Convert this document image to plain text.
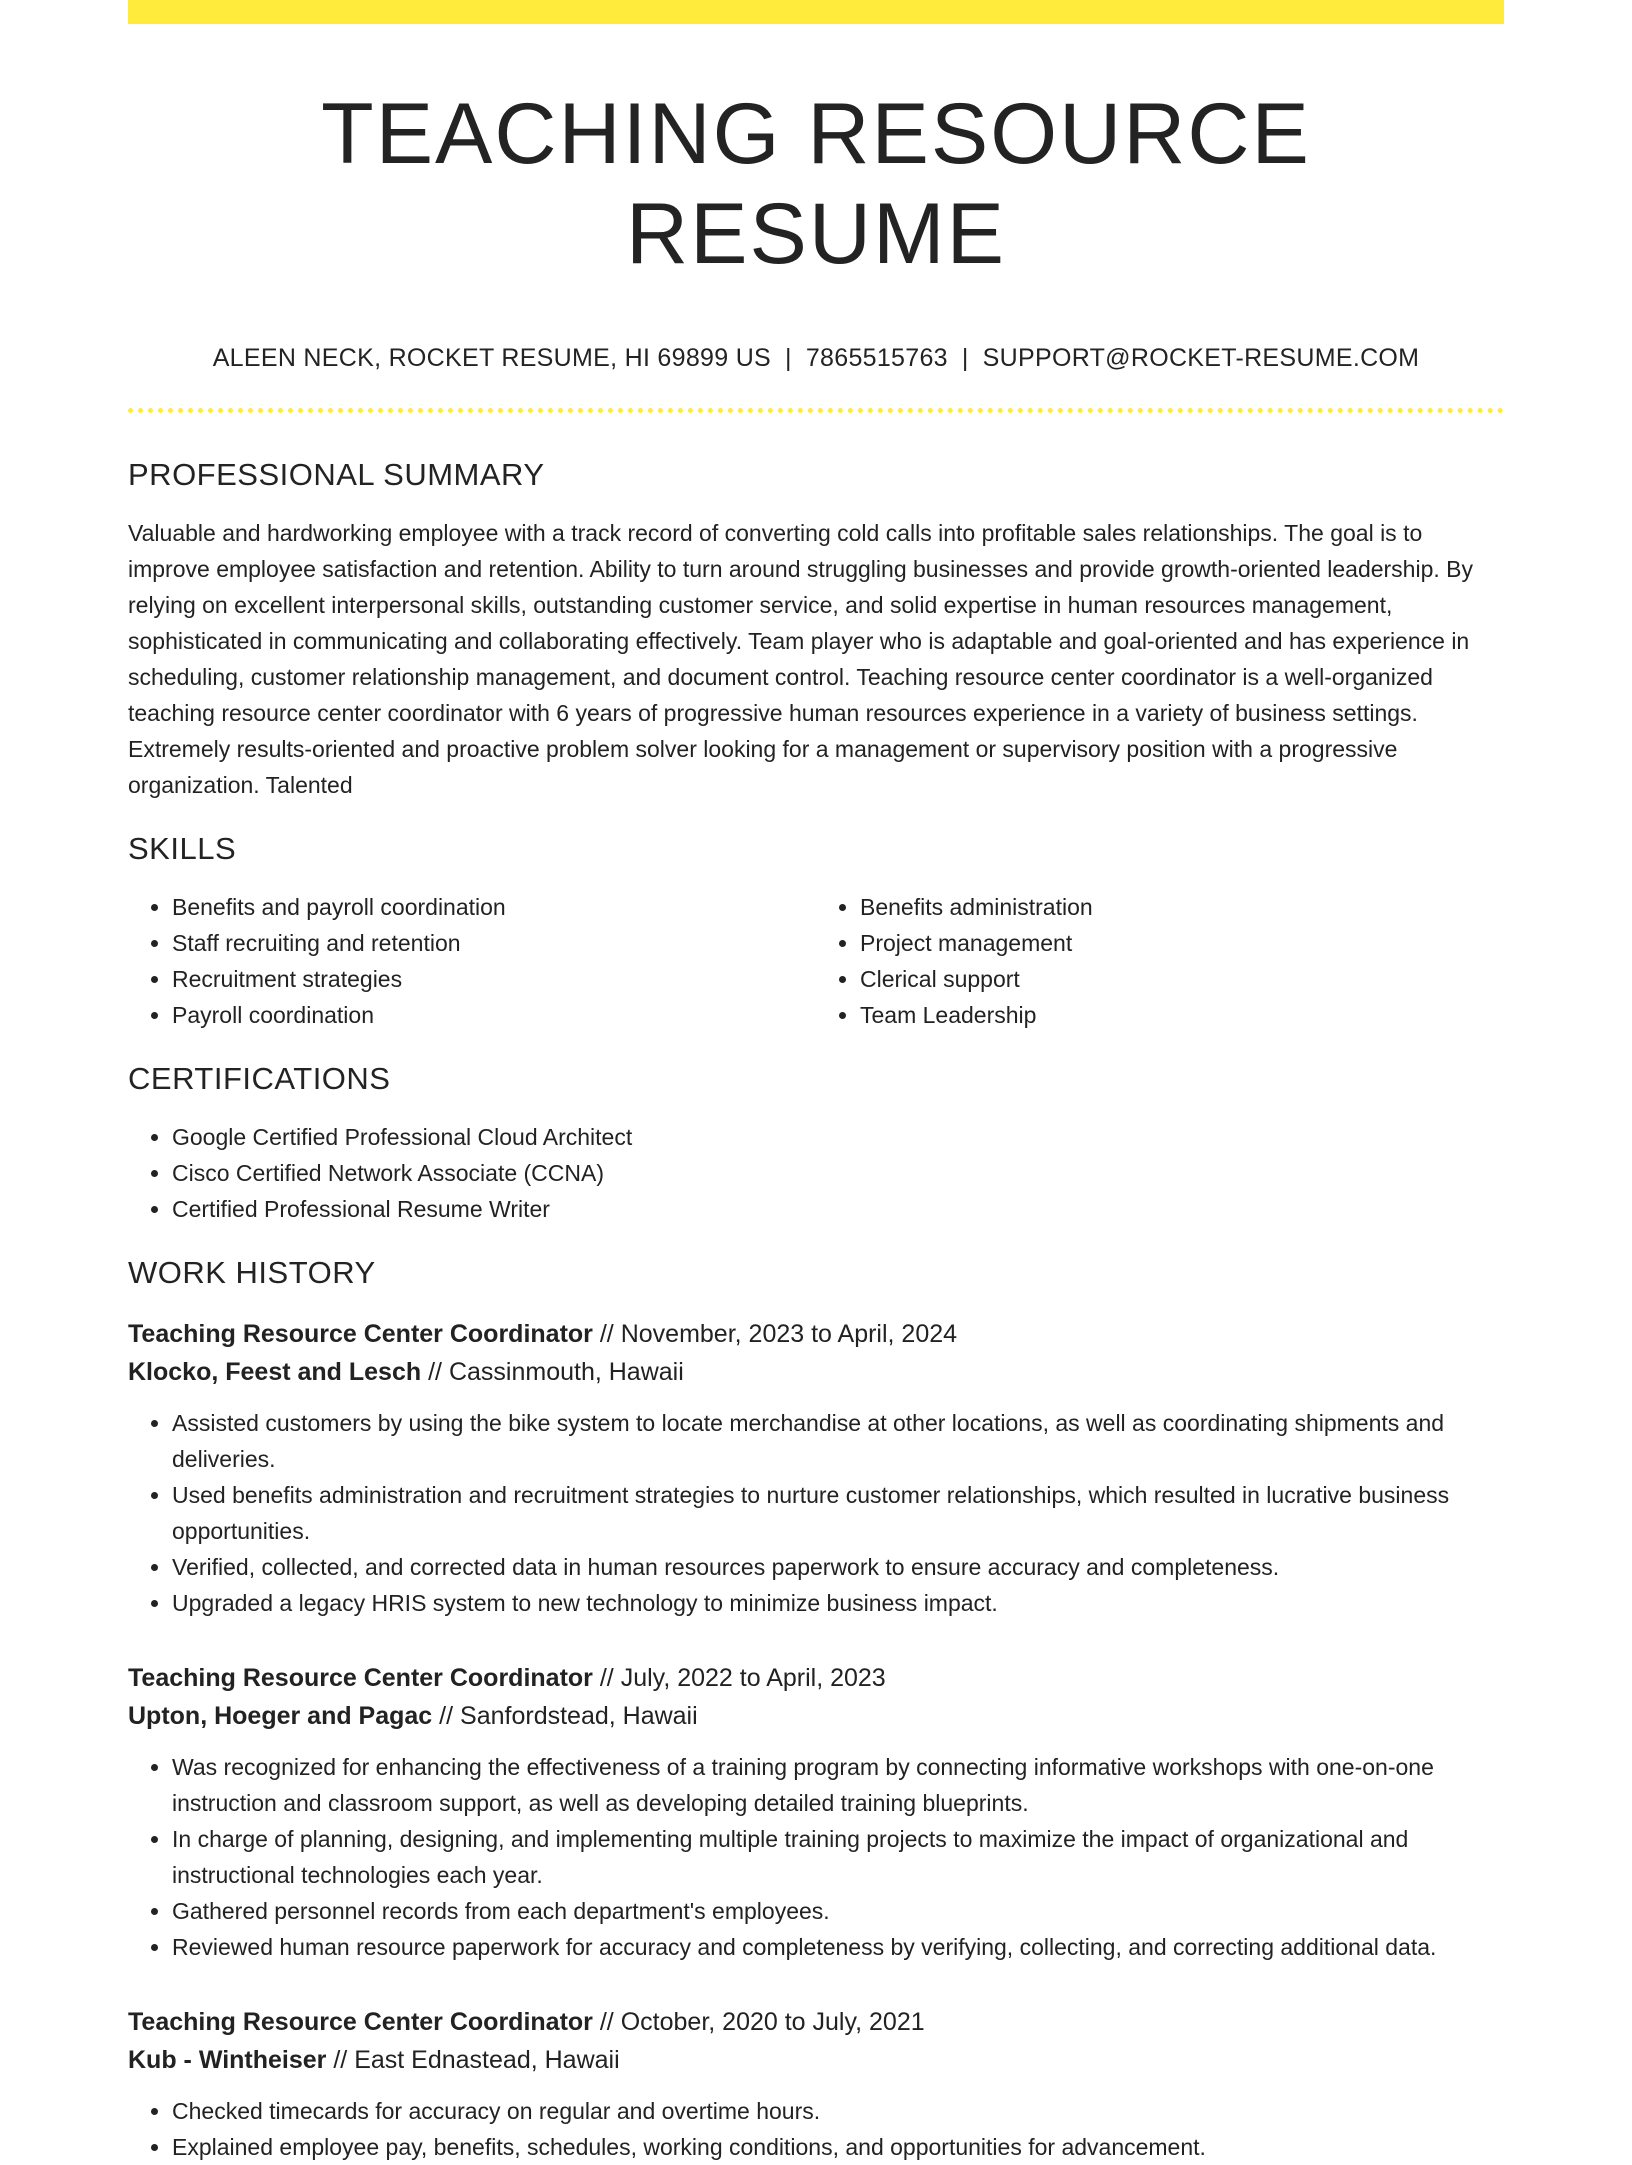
TEACHING RESOURCE RESUME
ALEEN NECK, ROCKET RESUME, HI 69899 US | 7865515763 | SUPPORT@ROCKET-RESUME.COM
PROFESSIONAL SUMMARY

Valuable and hardworking employee with a track record of converting cold calls into profitable sales relationships. The goal is to improve employee satisfaction and retention. Ability to turn around struggling businesses and provide growth-oriented leadership. By relying on excellent interpersonal skills, outstanding customer service, and solid expertise in human resources management, sophisticated in communicating and collaborating effectively. Team player who is adaptable and goal-oriented and has experience in scheduling, customer relationship management, and document control. Teaching resource center coordinator is a well-organized teaching resource center coordinator with 6 years of progressive human resources experience in a variety of business settings. Extremely results-oriented and proactive problem solver looking for a management or supervisory position with a progressive organization. Talented

SKILLS
• Benefits and payroll coordination
• Staff recruiting and retention
• Recruitment strategies
• Payroll coordination
• Benefits administration
• Project management
• Clerical support
• Team Leadership
CERTIFICATIONS
• Google Certified Professional Cloud Architect
• Cisco Certified Network Associate (CCNA)
• Certified Professional Resume Writer
WORK HISTORY
Teaching Resource Center Coordinator // November, 2023 to April, 2024
Klocko, Feest and Lesch // Cassinmouth, Hawaii
• Assisted customers by using the bike system to locate merchandise at other locations, as well as coordinating shipments and deliveries.
• Used benefits administration and recruitment strategies to nurture customer relationships, which resulted in lucrative business opportunities.
• Verified, collected, and corrected data in human resources paperwork to ensure accuracy and completeness.
• Upgraded a legacy HRIS system to new technology to minimize business impact.
Teaching Resource Center Coordinator // July, 2022 to April, 2023
Upton, Hoeger and Pagac // Sanfordstead, Hawaii
• Was recognized for enhancing the effectiveness of a training program by connecting informative workshops with one-on-one instruction and classroom support, as well as developing detailed training blueprints.
• In charge of planning, designing, and implementing multiple training projects to maximize the impact of organizational and instructional technologies each year.
• Gathered personnel records from each department's employees.
• Reviewed human resource paperwork for accuracy and completeness by verifying, collecting, and correcting additional data.
Teaching Resource Center Coordinator // October, 2020 to July, 2021
Kub - Wintheiser // East Ednastead, Hawaii
• Checked timecards for accuracy on regular and overtime hours.
• Explained employee pay, benefits, schedules, working conditions, and opportunities for advancement.
